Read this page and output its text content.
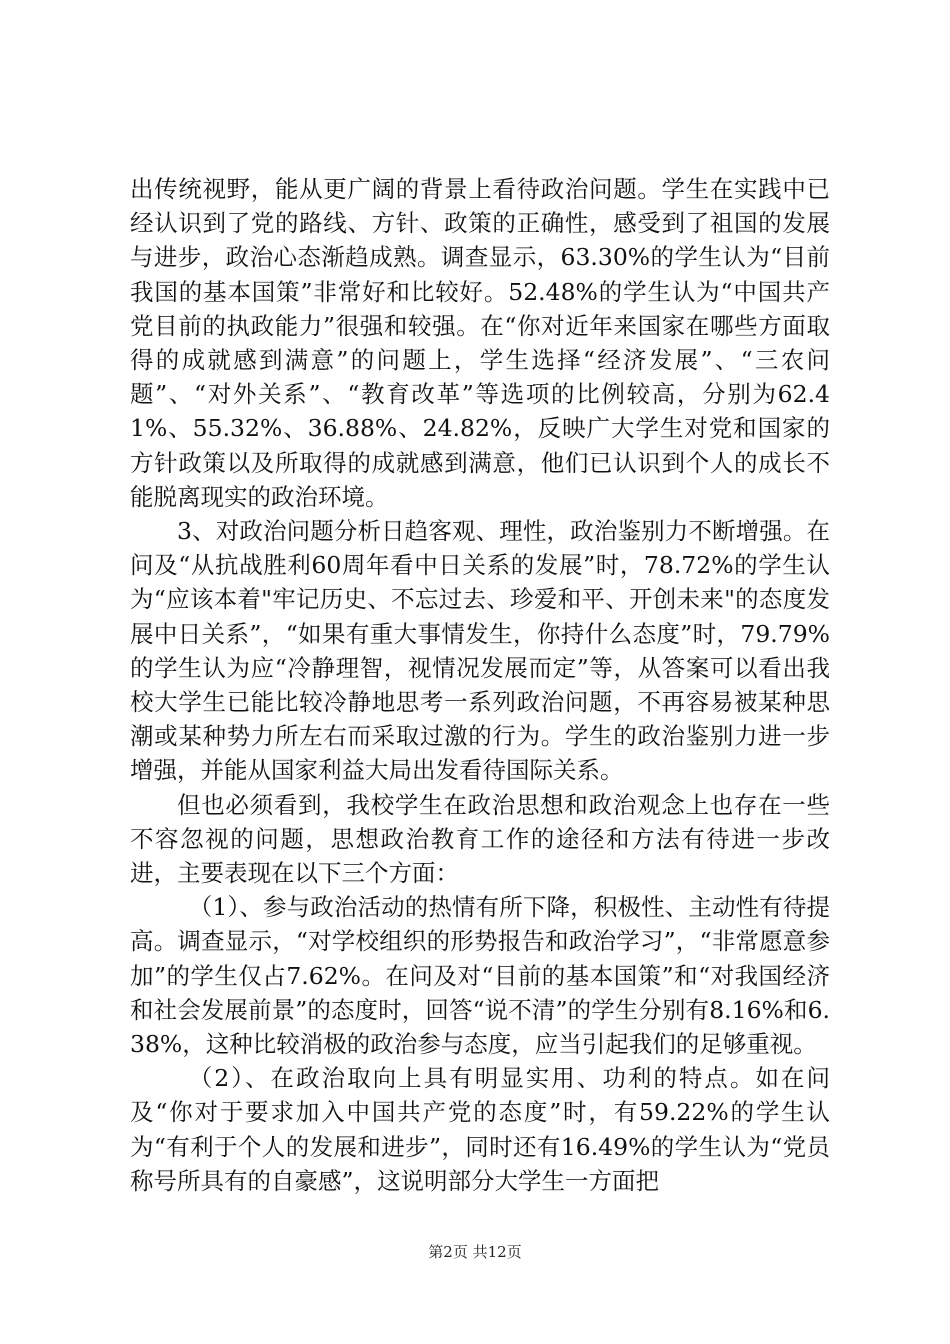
出传统视野，能从更广阔的背景上看待政治问题。学生在实践中已经认识到了党的路线、方针、政策的正确性，感受到了祖国的发展与进步，政治心态渐趋成熟。调查显示，63.30%的学生认为“目前我国的基本国策”非常好和比较好。52.48%的学生认为“中国共产党目前的执政能力”很强和较强。在“你对近年来国家在哪些方面取得的成就感到满意”的问题上，学生选择“经济发展”、“三农问题”、“对外关系”、“教育改革”等选项的比例较高，分别为62.41%、55.32%、36.88%、24.82%，反映广大学生对党和国家的方针政策以及所取得的成就感到满意，他们已认识到个人的成长不能脱离现实的政治环境。

3、对政治问题分析日趋客观、理性，政治鉴别力不断增强。在问及“从抗战胜利60周年看中日关系的发展”时，78.72%的学生认为“应该本着"牢记历史、不忘过去、珍爱和平、开创未来"的态度发展中日关系”，“如果有重大事情发生，你持什么态度”时，79.79%的学生认为应“冷静理智，视情况发展而定”等，从答案可以看出我校大学生已能比较冷静地思考一系列政治问题，不再容易被某种思潮或某种势力所左右而采取过激的行为。学生的政治鉴别力进一步增强，并能从国家利益大局出发看待国际关系。

但也必须看到，我校学生在政治思想和政治观念上也存在一些不容忽视的问题，思想政治教育工作的途径和方法有待进一步改进，主要表现在以下三个方面：

（1）、参与政治活动的热情有所下降，积极性、主动性有待提高。调查显示，“对学校组织的形势报告和政治学习”，“非常愿意参加”的学生仅占7.62%。在问及对“目前的基本国策”和“对我国经济和社会发展前景”的态度时，回答“说不清”的学生分别有8.16%和6.38%，这种比较消极的政治参与态度，应当引起我们的足够重视。

（2）、在政治取向上具有明显实用、功利的特点。如在问及“你对于要求加入中国共产党的态度”时，有59.22%的学生认为“有利于个人的发展和进步”，同时还有16.49%的学生认为“党员称号所具有的自豪感”，这说明部分大学生一方面把

第2页 共12页
